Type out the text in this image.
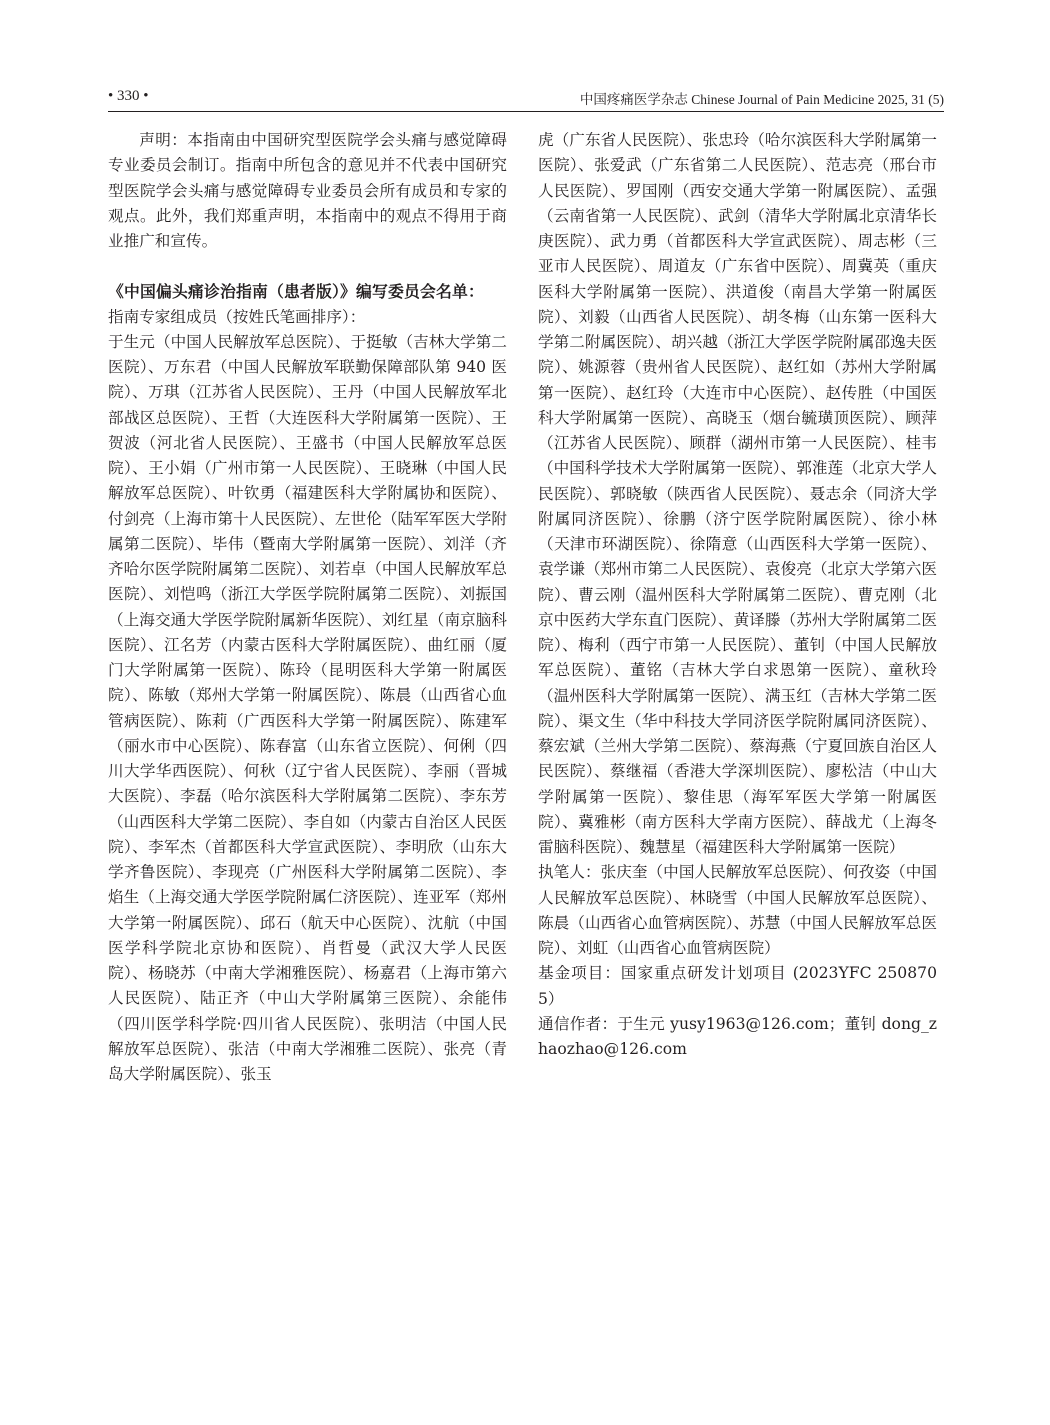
• 330 •	中国疼痛医学杂志 Chinese Journal of Pain Medicine 2025, 31 (5)

声明：本指南由中国研究型医院学会头痛与感觉障碍专业委员会制订。指南中所包含的意见并不代表中国研究型医院学会头痛与感觉障碍专业委员会所有成员和专家的观点。此外，我们郑重声明，本指南中的观点不得用于商业推广和宣传。

《中国偏头痛诊治指南（患者版）》编写委员会名单：

指南专家组成员（按姓氏笔画排序）：

于生元（中国人民解放军总医院）、于挺敏（吉林大学第二医院）、万东君（中国人民解放军联勤保障部队第 940 医院）、万琪（江苏省人民医院）、王丹（中国人民解放军北部战区总医院）、王哲（大连医科大学附属第一医院）、王贺波（河北省人民医院）、王盛书（中国人民解放军总医院）、王小娟（广州市第一人民医院）、王晓琳（中国人民解放军总医院）、叶钦勇（福建医科大学附属协和医院）、付剑亮（上海市第十人民医院）、左世伦（陆军军医大学附属第二医院）、毕伟（暨南大学附属第一医院）、刘洋（齐齐哈尔医学院附属第二医院）、刘若卓（中国人民解放军总医院）、刘恺鸣（浙江大学医学院附属第二医院）、刘振国（上海交通大学医学院附属新华医院）、刘红星（南京脑科医院）、江名芳（内蒙古医科大学附属医院）、曲红丽（厦门大学附属第一医院）、陈玲（昆明医科大学第一附属医院）、陈敏（郑州大学第一附属医院）、陈晨（山西省心血管病医院）、陈莉（广西医科大学第一附属医院）、陈建军（丽水市中心医院）、陈春富（山东省立医院）、何俐（四川大学华西医院）、何秋（辽宁省人民医院）、李丽（晋城大医院）、李磊（哈尔滨医科大学附属第二医院）、李东芳（山西医科大学第二医院）、李自如（内蒙古自治区人民医院）、李军杰（首都医科大学宣武医院）、李明欣（山东大学齐鲁医院）、李现亮（广州医科大学附属第二医院）、李焰生（上海交通大学医学院附属仁济医院）、连亚军（郑州大学第一附属医院）、邱石（航天中心医院）、沈航（中国医学科学院北京协和医院）、肖哲曼（武汉大学人民医院）、杨晓苏（中南大学湘雅医院）、杨嘉君（上海市第六人民医院）、陆正齐（中山大学附属第三医院）、余能伟（四川医学科学院·四川省人民医院）、张明洁（中国人民解放军总医院）、张洁（中南大学湘雅二医院）、张亮（青岛大学附属医院）、张玉

虎（广东省人民医院）、张忠玲（哈尔滨医科大学附属第一医院）、张爱武（广东省第二人民医院）、范志亮（邢台市人民医院）、罗国刚（西安交通大学第一附属医院）、孟强（云南省第一人民医院）、武剑（清华大学附属北京清华长庚医院）、武力勇（首都医科大学宣武医院）、周志彬（三亚市人民医院）、周道友（广东省中医院）、周冀英（重庆医科大学附属第一医院）、洪道俊（南昌大学第一附属医院）、刘毅（山西省人民医院）、胡冬梅（山东第一医科大学第二附属医院）、胡兴越（浙江大学医学院附属邵逸夫医院）、姚源蓉（贵州省人民医院）、赵红如（苏州大学附属第一医院）、赵红玲（大连市中心医院）、赵传胜（中国医科大学附属第一医院）、高晓玉（烟台毓璜顶医院）、顾萍（江苏省人民医院）、顾群（湖州市第一人民医院）、桂韦（中国科学技术大学附属第一医院）、郭淮莲（北京大学人民医院）、郭晓敏（陕西省人民医院）、聂志余（同济大学附属同济医院）、徐鹏（济宁医学院附属医院）、徐小林（天津市环湖医院）、徐隋意（山西医科大学第一医院）、袁学谦（郑州市第二人民医院）、袁俊亮（北京大学第六医院）、曹云刚（温州医科大学附属第二医院）、曹克刚（北京中医药大学东直门医院）、黄译滕（苏州大学附属第二医院）、梅利（西宁市第一人民医院）、董钊（中国人民解放军总医院）、董铭（吉林大学白求恩第一医院）、童秋玲（温州医科大学附属第一医院）、满玉红（吉林大学第二医院）、渠文生（华中科技大学同济医学院附属同济医院）、蔡宏斌（兰州大学第二医院）、蔡海燕（宁夏回族自治区人民医院）、蔡继福（香港大学深圳医院）、廖松洁（中山大学附属第一医院）、黎佳思（海军军医大学第一附属医院）、冀雅彬（南方医科大学南方医院）、薛战尤（上海冬雷脑科医院）、魏慧星（福建医科大学附属第一医院）

执笔人：张庆奎（中国人民解放军总医院）、何孜姿（中国人民解放军总医院）、林晓雪（中国人民解放军总医院）、陈晨（山西省心血管病医院）、苏慧（中国人民解放军总医院）、刘虹（山西省心血管病医院）

基金项目：国家重点研发计划项目 (2023YFC 2508705）

通信作者：于生元 yusy1963@126.com；董钊 dong_zhaozhao@126.com
